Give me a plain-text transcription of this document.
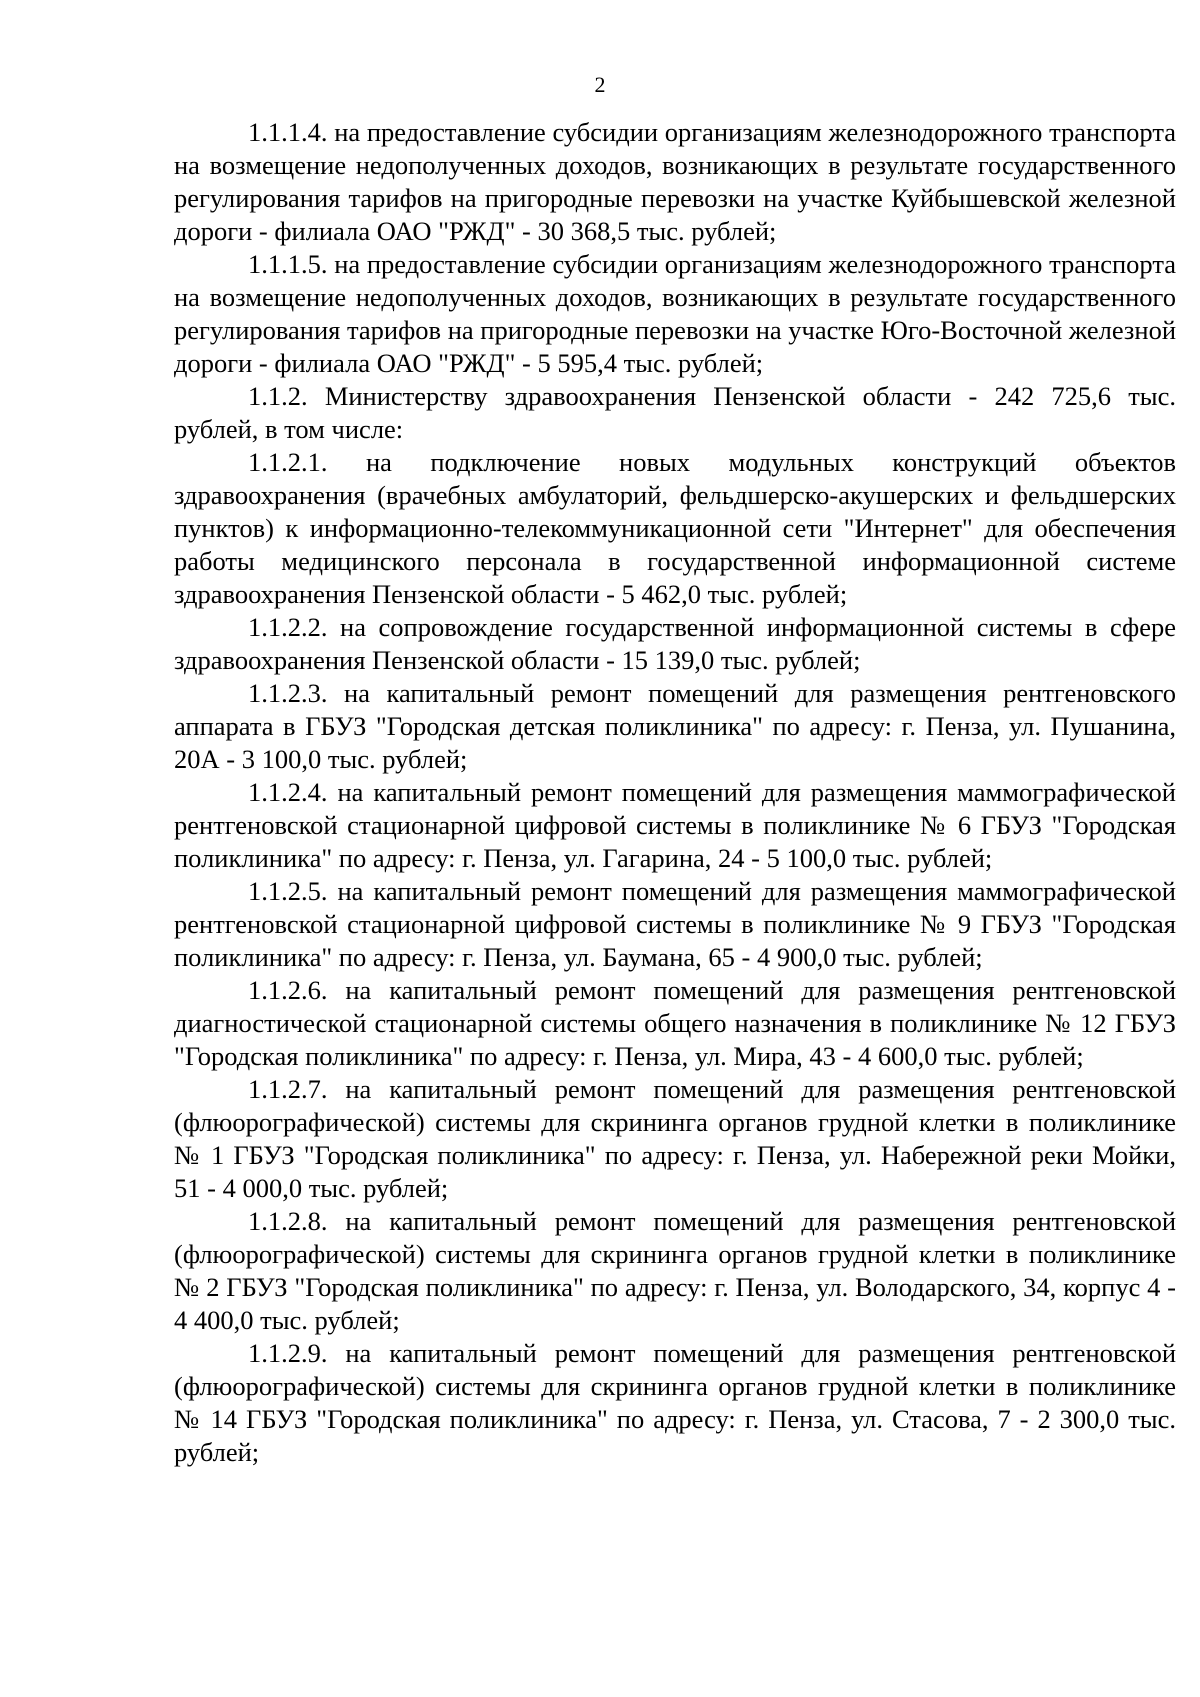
2

1.1.1.4. на предоставление субсидии организациям железнодорожного транспорта на возмещение недополученных доходов, возникающих в результате государственного регулирования тарифов на пригородные перевозки на участке Куйбышевской железной дороги - филиала ОАО "РЖД" - 30 368,5 тыс. рублей;

1.1.1.5. на предоставление субсидии организациям железнодорожного транспорта на возмещение недополученных доходов, возникающих в результате государственного регулирования тарифов на пригородные перевозки на участке Юго-Восточной железной дороги - филиала ОАО "РЖД" - 5 595,4 тыс. рублей;

1.1.2. Министерству здравоохранения Пензенской области - 242 725,6 тыс. рублей, в том числе:

1.1.2.1. на подключение новых модульных конструкций объектов здравоохранения (врачебных амбулаторий, фельдшерско-акушерских и фельдшерских пунктов) к информационно-телекоммуникационной сети "Интернет" для обеспечения работы медицинского персонала в государственной информационной системе здравоохранения Пензенской области - 5 462,0 тыс. рублей;

1.1.2.2. на сопровождение государственной информационной системы в сфере здравоохранения Пензенской области - 15 139,0 тыс. рублей;

1.1.2.3. на капитальный ремонт помещений для размещения рентгеновского аппарата в ГБУЗ "Городская детская поликлиника" по адресу: г. Пенза, ул. Пушанина, 20А - 3 100,0 тыс. рублей;

1.1.2.4. на капитальный ремонт помещений для размещения маммографической рентгеновской стационарной цифровой системы в поликлинике № 6 ГБУЗ "Городская поликлиника" по адресу: г. Пенза, ул. Гагарина, 24 - 5 100,0 тыс. рублей;

1.1.2.5. на капитальный ремонт помещений для размещения маммографической рентгеновской стационарной цифровой системы в поликлинике № 9 ГБУЗ "Городская поликлиника" по адресу: г. Пенза, ул. Баумана, 65 - 4 900,0 тыс. рублей;

1.1.2.6. на капитальный ремонт помещений для размещения рентгеновской диагностической стационарной системы общего назначения в поликлинике № 12 ГБУЗ "Городская поликлиника" по адресу: г. Пенза, ул. Мира, 43 - 4 600,0 тыс. рублей;

1.1.2.7. на капитальный ремонт помещений для размещения рентгеновской (флюорографической) системы для скрининга органов грудной клетки в поликлинике № 1 ГБУЗ "Городская поликлиника" по адресу: г. Пенза, ул. Набережной реки Мойки, 51 - 4 000,0 тыс. рублей;

1.1.2.8. на капитальный ремонт помещений для размещения рентгеновской (флюорографической) системы для скрининга органов грудной клетки в поликлинике № 2 ГБУЗ "Городская поликлиника" по адресу: г. Пенза, ул. Володарского, 34, корпус 4 - 4 400,0 тыс. рублей;

1.1.2.9. на капитальный ремонт помещений для размещения рентгеновской (флюорографической) системы для скрининга органов грудной клетки в поликлинике № 14 ГБУЗ "Городская поликлиника" по адресу: г. Пенза, ул. Стасова, 7 - 2 300,0 тыс. рублей;
